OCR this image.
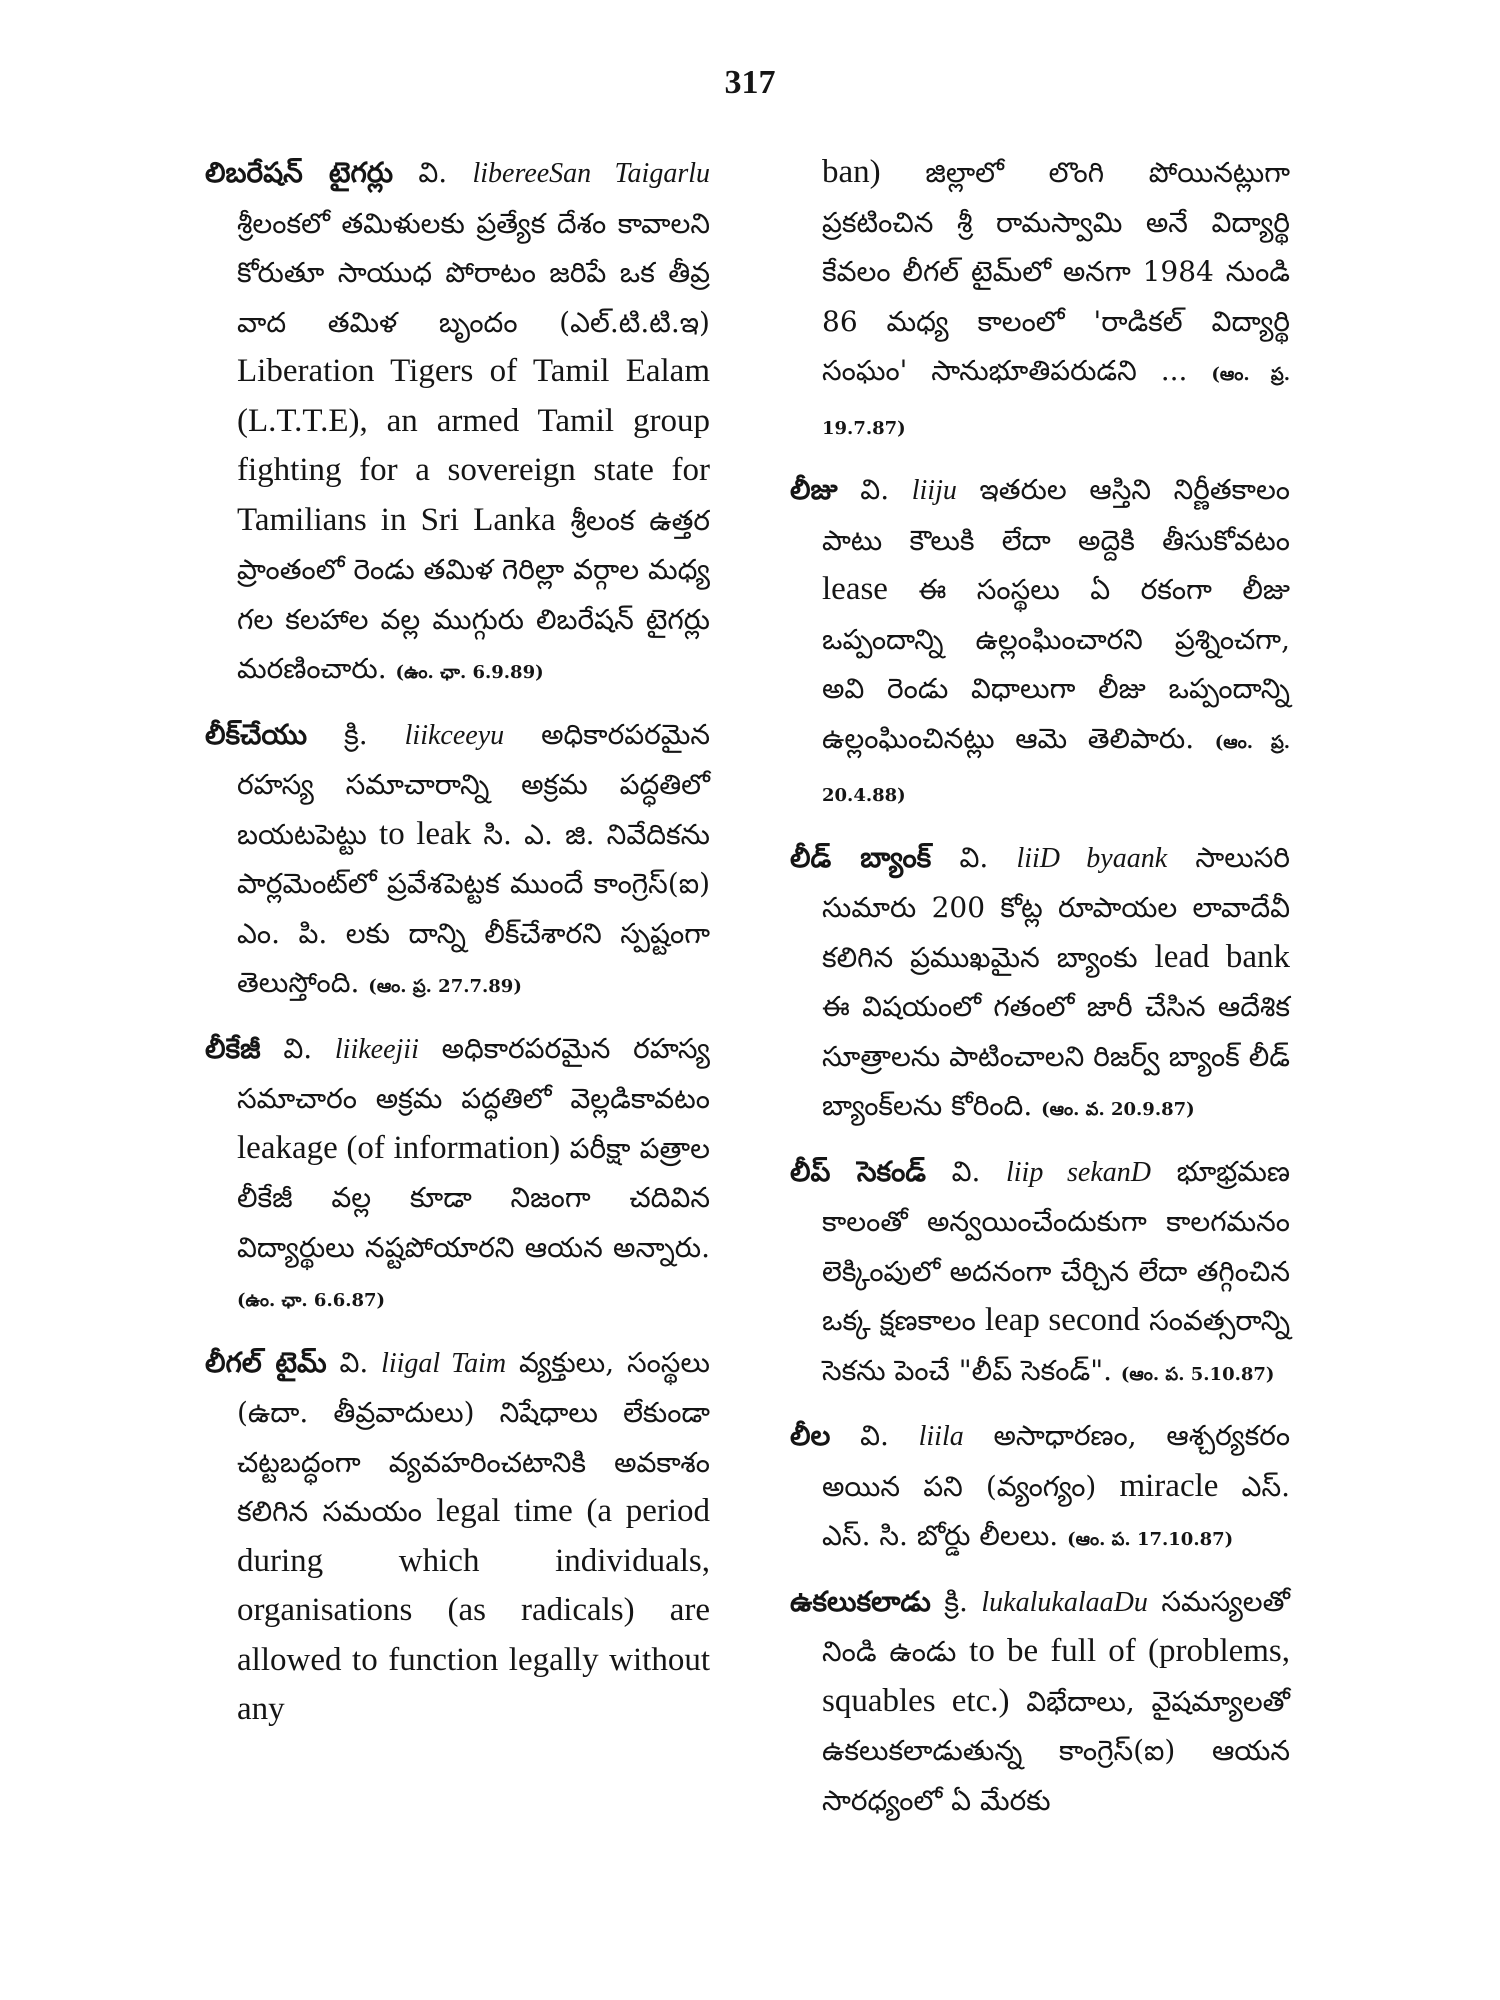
317

లిబరేషన్ టైగర్లు వి. libereeSan Taigarlu శ్రీలంకలో తమిళులకు ప్రత్యేక దేశం కావాలని కోరుతూ సాయుధ పోరాటం జరిపే ఒక తీవ్ర వాద తమిళ బృందం (ఎల్.టి.టి.ఇ) Liberation Tigers of Tamil Ealam (L.T.T.E), an armed Tamil group fighting for a sovereign state for Tamilians in Sri Lanka శ్రీలంక ఉత్తర ప్రాంతంలో రెండు తమిళ గెరిల్లా వర్గాల మధ్య గల కలహాల వల్ల ముగ్గురు లిబరేషన్ టైగర్లు మరణించారు. (ఉం. ఛా. 6.9.89)

లీక్‌చేయు క్రి. liikceeyu అధికారపరమైన రహస్య సమాచారాన్ని అక్రమ పద్ధతిలో బయటపెట్టు to leak సి. ఎ. జి. నివేదికను పార్లమెంట్‌లో ప్రవేశపెట్టక ముందే కాంగ్రెస్(ఐ) ఎం. పి. లకు దాన్ని లీక్‌చేశారని స్పష్టంగా తెలుస్తోంది. (ఆం. ప్ర. 27.7.89)

లీకేజీ వి. liikeejii అధికారపరమైన రహస్య సమాచారం అక్రమ పద్ధతిలో వెల్లడికావటం leakage (of information) పరీక్షా పత్రాల లీకేజీ వల్ల కూడా నిజంగా చదివిన విద్యార్థులు నష్టపోయారని ఆయన అన్నారు. (ఉం. ఛా. 6.6.87)

లీగల్ టైమ్ వి. liigal Taim వ్యక్తులు, సంస్థలు (ఉదా. తీవ్రవాదులు) నిషేధాలు లేకుండా చట్టబద్ధంగా వ్యవహరించటానికి అవకాశం కలిగిన సమయం legal time (a period during which individuals, organisations (as radicals) are allowed to function legally without any

ban) జిల్లాలో లొంగి పోయినట్లుగా ప్రకటించిన శ్రీ రామస్వామి అనే విద్యార్థి కేవలం లీగల్ టైమ్‌లో అనగా 1984 నుండి 86 మధ్య కాలంలో 'రాడికల్ విద్యార్థి సంఘం' సానుభూతిపరుడని ... (ఆం. ప్ర. 19.7.87)

లీజు వి. liiju ఇతరుల ఆస్తిని నిర్ణీతకాలం పాటు కౌలుకి లేదా అద్దెకి తీసుకోవటం lease ఈ సంస్థలు ఏ రకంగా లీజు ఒప్పందాన్ని ఉల్లంఘించారని ప్రశ్నించగా, అవి రెండు విధాలుగా లీజు ఒప్పందాన్ని ఉల్లంఘించినట్లు ఆమె తెలిపారు. (ఆం. ప్ర. 20.4.88)

లీడ్ బ్యాంక్ వి. liiD byaank సాలుసరి సుమారు 200 కోట్ల రూపాయల లావాదేవీ కలిగిన ప్రముఖమైన బ్యాంకు lead bank ఈ విషయంలో గతంలో జారీ చేసిన ఆదేశిక సూత్రాలను పాటించాలని రిజర్వ్ బ్యాంక్ లీడ్ బ్యాంక్‌లను కోరింది. (ఆం. వ. 20.9.87)

లీప్ సెకండ్ వి. liip sekanD భూభ్రమణ కాలంతో అన్వయించేందుకుగా కాలగమనం లెక్కింపులో అదనంగా చేర్చిన లేదా తగ్గించిన ఒక్క క్షణకాలం leap second సంవత్సరాన్ని సెకను పెంచే "లీప్ సెకండ్". (ఆం. ప. 5.10.87)

లీల వి. liila అసాధారణం, ఆశ్చర్యకరం అయిన పని (వ్యంగ్యం) miracle ఎస్. ఎస్. సి. బోర్డు లీలలు. (ఆం. ప. 17.10.87)

ఉకలుకలాడు క్రి. lukalukalaaDu సమస్యలతో నిండి ఉండు to be full of (problems, squables etc.) విభేదాలు, వైషమ్యాలతో ఉకలుకలాడుతున్న కాంగ్రెస్(ఐ) ఆయన సారధ్యంలో ఏ మేరకు
